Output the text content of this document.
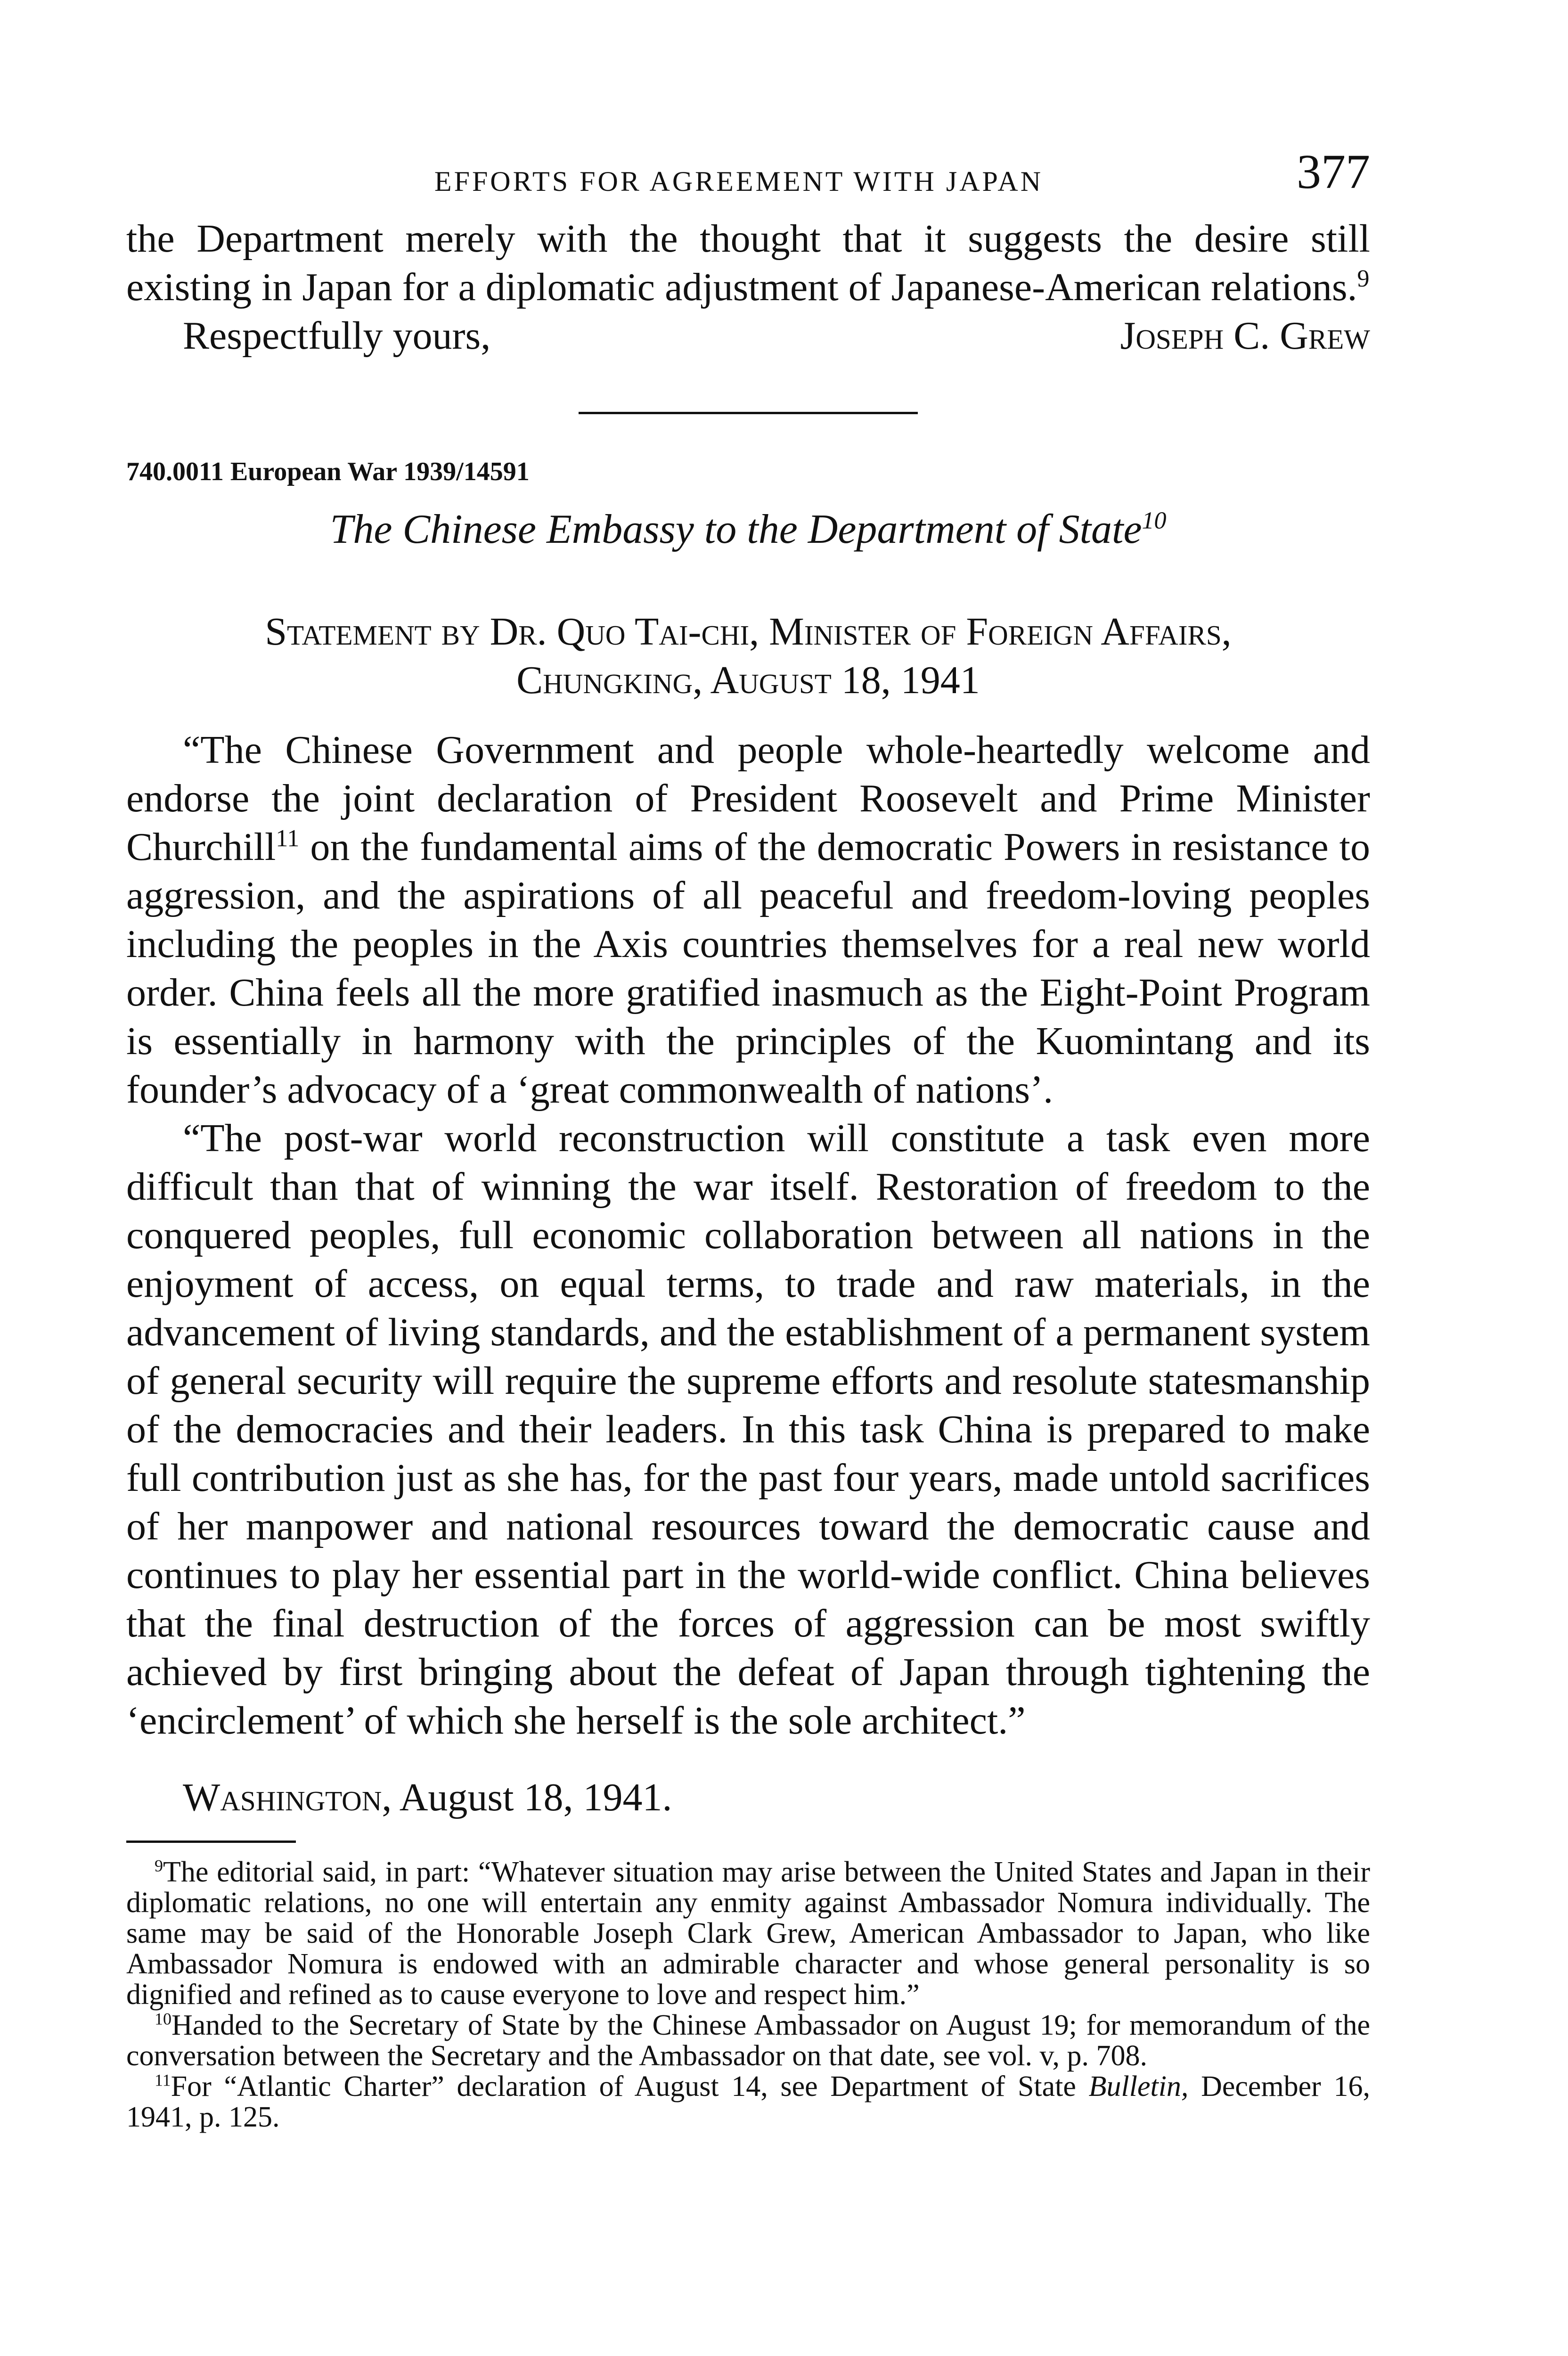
EFFORTS FOR AGREEMENT WITH JAPAN	377

the Department merely with the thought that it suggests the desire still existing in Japan for a diplomatic adjustment of Japanese-American relations.$^9$

Respectfully yours,	Joseph C. Grew
740.0011 European War 1939/14591
The Chinese Embassy to the Department of State$^{10}$
Statement by Dr. Quo Tai-chi, Minister of Foreign Affairs,
Chungking, August 18, 1941

“The Chinese Government and people whole-heartedly welcome and endorse the joint declaration of President Roosevelt and Prime Minister Churchill$^{11}$ on the fundamental aims of the democratic Powers in resistance to aggression, and the aspirations of all peaceful and freedom-loving peoples including the peoples in the Axis countries themselves for a real new world order. China feels all the more gratified inasmuch as the Eight-Point Program is essentially in harmony with the principles of the Kuomintang and its founder’s advocacy of a ‘great commonwealth of nations’.

“The post-war world reconstruction will constitute a task even more difficult than that of winning the war itself. Restoration of freedom to the conquered peoples, full economic collaboration between all nations in the enjoyment of access, on equal terms, to trade and raw materials, in the advancement of living standards, and the establishment of a permanent system of general security will require the supreme efforts and resolute statesmanship of the democracies and their leaders. In this task China is prepared to make full contribution just as she has, for the past four years, made untold sacrifices of her manpower and national resources toward the democratic cause and continues to play her essential part in the world-wide conflict. China believes that the final destruction of the forces of aggression can be most swiftly achieved by first bringing about the defeat of Japan through tightening the ‘encirclement’ of which she herself is the sole architect.”

Washington, August 18, 1941.

$^9$The editorial said, in part: “Whatever situation may arise between the United States and Japan in their diplomatic relations, no one will entertain any enmity against Ambassador Nomura individually. The same may be said of the Honorable Joseph Clark Grew, American Ambassador to Japan, who like Ambassador Nomura is endowed with an admirable character and whose general personality is so dignified and refined as to cause everyone to love and respect him.”

$^{10}$Handed to the Secretary of State by the Chinese Ambassador on August 19; for memorandum of the conversation between the Secretary and the Ambassador on that date, see vol. v, p. 708.

$^{11}$For “Atlantic Charter” declaration of August 14, see Department of State Bulletin, December 16, 1941, p. 125.
